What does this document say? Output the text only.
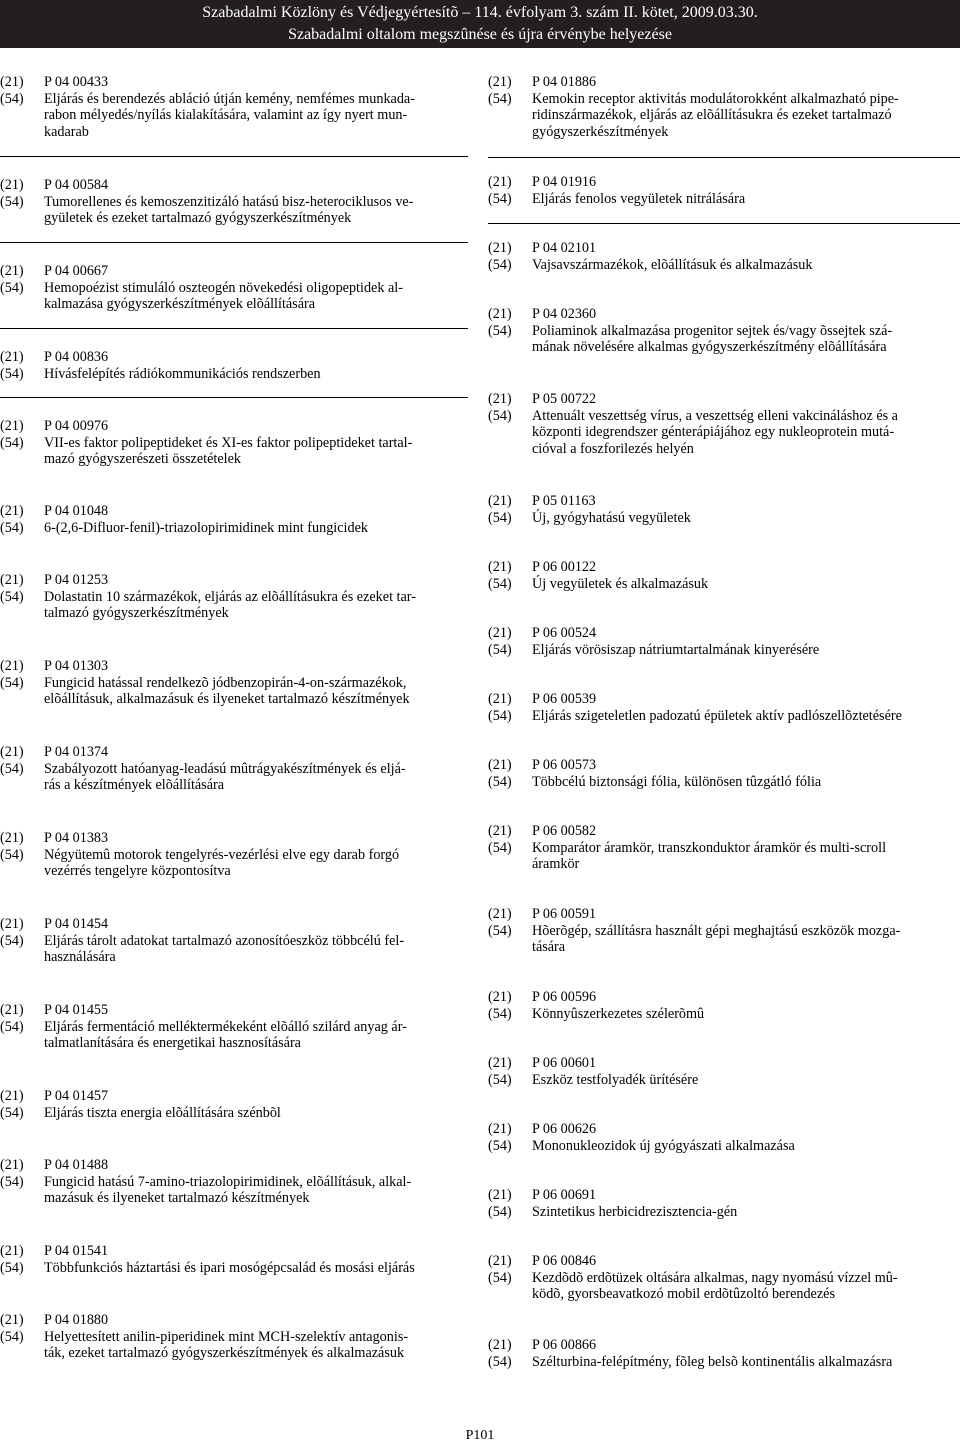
Szabadalmi Közlöny és Védjegyértesítõ – 114. évfolyam 3. szám II. kötet, 2009.03.30.
Szabadalmi oltalom megszûnése és újra érvénybe helyezése
(21)	P 04 00433
(54)	Eljárás és berendezés abláció útján kemény, nemfémes munkada-
rabon mélyedés/nyílás kialakítására, valamint az így nyert mun-
kadarab
(21)	P 04 00584
(54)	Tumorellenes és kemoszenzitizáló hatású bisz-heterociklusos ve-
gyületek és ezeket tartalmazó gyógyszerkészítmények
(21)	P 04 00667
(54)	Hemopoézist stimuláló oszteogén növekedési oligopeptidek al-
kalmazása gyógyszerkészítmények elõállítására
(21)	P 04 00836
(54)	Hívásfelépítés rádiókommunikációs rendszerben
(21)	P 04 00976
(54)	VII-es faktor polipeptideket és XI-es faktor polipeptideket tartal-
mazó gyógyszerészeti összetételek
(21)	P 04 01048
(54)	6-(2,6-Difluor-fenil)-triazolopirimidinek mint fungicidek
(21)	P 04 01253
(54)	Dolastatin 10 származékok, eljárás az elõállításukra és ezeket tar-
talmazó gyógyszerkészítmények
(21)	P 04 01303
(54)	Fungicid hatással rendelkezõ jódbenzopirán-4-on-származékok,
elõállításuk, alkalmazásuk és ilyeneket tartalmazó készítmények
(21)	P 04 01374
(54)	Szabályozott hatóanyag-leadású mûtrágyakészítmények és eljá-
rás a készítmények elõállítására
(21)	P 04 01383
(54)	Négyütemû motorok tengelyrés-vezérlési elve egy darab forgó
vezérrés tengelyre központosítva
(21)	P 04 01454
(54)	Eljárás tárolt adatokat tartalmazó azonosítóeszköz többcélú fel-
használására
(21)	P 04 01455
(54)	Eljárás fermentáció melléktermékeként elõálló szilárd anyag ár-
talmatlanítására és energetikai hasznosítására
(21)	P 04 01457
(54)	Eljárás tiszta energia elõállítására szénbõl
(21)	P 04 01488
(54)	Fungicid hatású 7-amino-triazolopirimidinek, elõállításuk, alkal-
mazásuk és ilyeneket tartalmazó készítmények
(21)	P 04 01541
(54)	Többfunkciós háztartási és ipari mosógépcsalád és mosási eljárás
(21)	P 04 01880
(54)	Helyettesített anilin-piperidinek mint MCH-szelektív antagonis-
ták, ezeket tartalmazó gyógyszerkészítmények és alkalmazásuk
(21)	P 04 01886
(54)	Kemokin receptor aktivitás modulátorokként alkalmazható pipe-
ridinszármazékok, eljárás az elõállításukra és ezeket tartalmazó
gyógyszerkészítmények
(21)	P 04 01916
(54)	Eljárás fenolos vegyületek nitrálására
(21)	P 04 02101
(54)	Vajsavszármazékok, elõállításuk és alkalmazásuk
(21)	P 04 02360
(54)	Poliaminok alkalmazása progenitor sejtek és/vagy õssejtek szá-
mának növelésére alkalmas gyógyszerkészítmény elõállítására
(21)	P 05 00722
(54)	Attenuált veszettség vírus, a veszettség elleni vakcináláshoz és a
központi idegrendszer génterápiájához egy nukleoprotein mutá-
cióval a foszforilezés helyén
(21)	P 05 01163
(54)	Új, gyógyhatású vegyületek
(21)	P 06 00122
(54)	Új vegyületek és alkalmazásuk
(21)	P 06 00524
(54)	Eljárás vörösiszap nátriumtartalmának kinyerésére
(21)	P 06 00539
(54)	Eljárás szigeteletlen padozatú épületek aktív padlószellõztetésére
(21)	P 06 00573
(54)	Többcélú biztonsági fólia, különösen tûzgátló fólia
(21)	P 06 00582
(54)	Komparátor áramkör, transzkonduktor áramkör és multi-scroll
áramkör
(21)	P 06 00591
(54)	Hõerõgép, szállításra használt gépi meghajtású eszközök mozga-
tására
(21)	P 06 00596
(54)	Könnyûszerkezetes szélerõmû
(21)	P 06 00601
(54)	Eszköz testfolyadék ürítésére
(21)	P 06 00626
(54)	Mononukleozidok új gyógyászati alkalmazása
(21)	P 06 00691
(54)	Szintetikus herbicidrezisztencia-gén
(21)	P 06 00846
(54)	Kezdõdõ erdõtüzek oltására alkalmas, nagy nyomású vízzel mû-
ködõ, gyorsbeavatkozó mobil erdõtûzoltó berendezés
(21)	P 06 00866
(54)	Szélturbina-felépítmény, fõleg belsõ kontinentális alkalmazásra
P101
